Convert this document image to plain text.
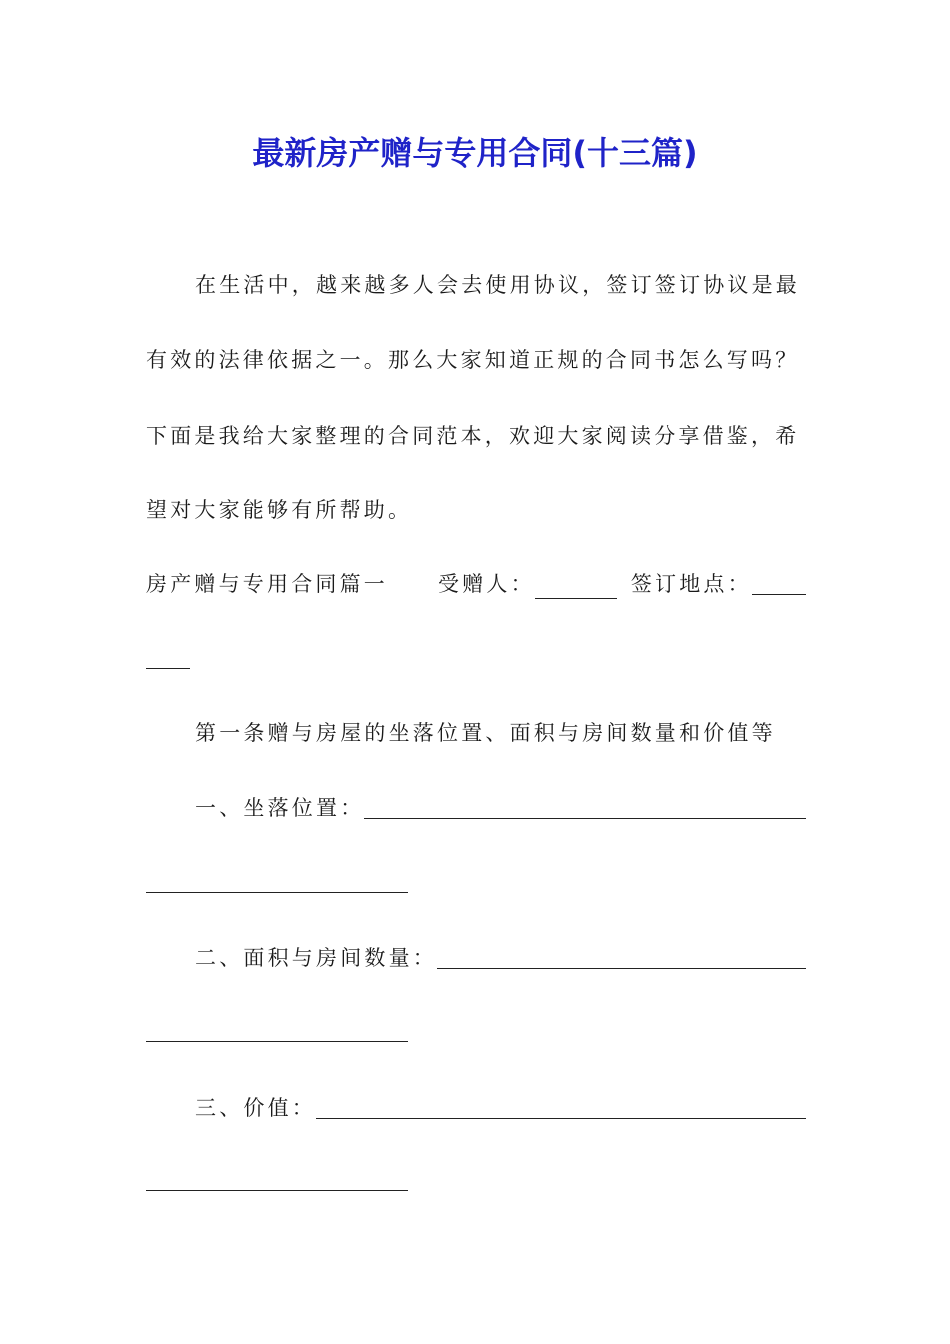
最新房产赠与专用合同(十三篇)
在生活中，越来越多人会去使用协议，签订签订协议是最
有效的法律依据之一。那么大家知道正规的合同书怎么写吗？
下面是我给大家整理的合同范本，欢迎大家阅读分享借鉴，希
望对大家能够有所帮助。
房产赠与专用合同篇一 受赠人：	签订地点：
第一条赠与房屋的坐落位置、面积与房间数量和价值等
一、坐落位置：
二、面积与房间数量：
三、价值：
